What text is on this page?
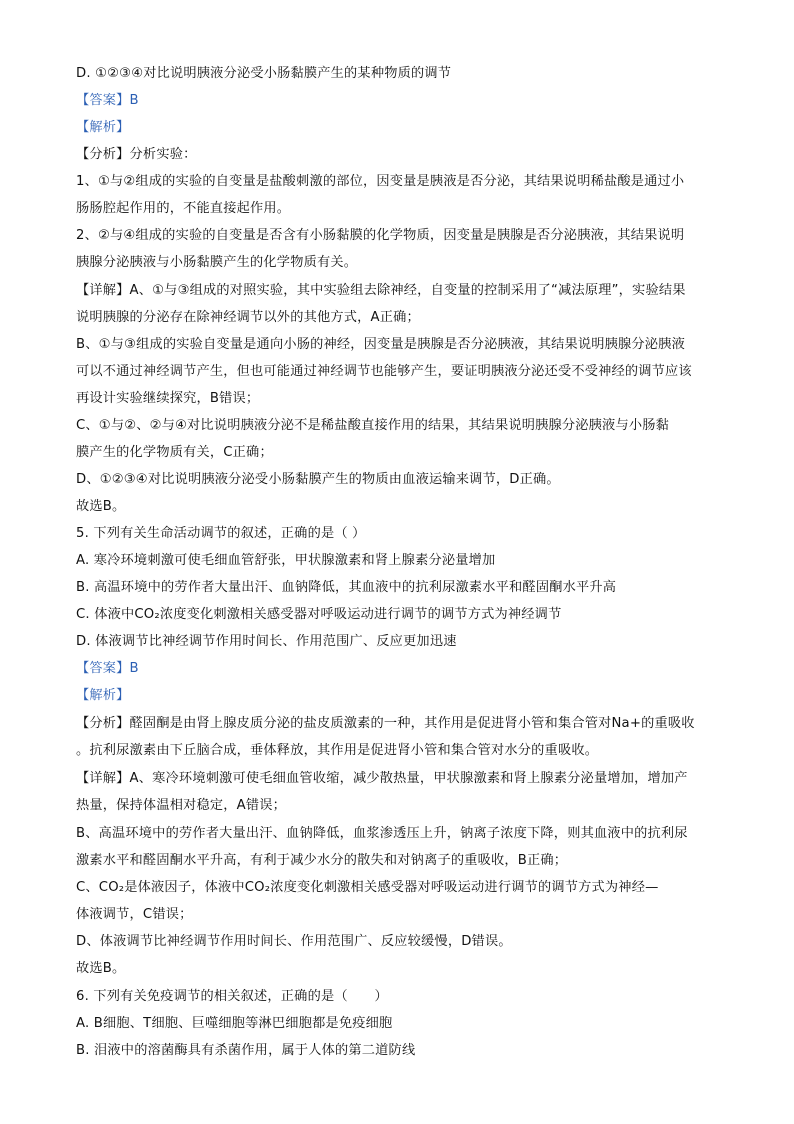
D. ①②③④对比说明胰液分泌受小肠黏膜产生的某种物质的调节
【答案】B
【解析】
【分析】分析实验：
1、①与②组成的实验的自变量是盐酸刺激的部位，因变量是胰液是否分泌，其结果说明稀盐酸是通过小
肠肠腔起作用的，不能直接起作用。
2、②与④组成的实验的自变量是否含有小肠黏膜的化学物质，因变量是胰腺是否分泌胰液，其结果说明
胰腺分泌胰液与小肠黏膜产生的化学物质有关。
【详解】A、①与③组成的对照实验，其中实验组去除神经，自变量的控制采用了“减法原理”，实验结果
说明胰腺的分泌存在除神经调节以外的其他方式，A正确；
B、①与③组成的实验自变量是通向小肠的神经，因变量是胰腺是否分泌胰液，其结果说明胰腺分泌胰液
可以不通过神经调节产生，但也可能通过神经调节也能够产生，要证明胰液分泌还受不受神经的调节应该
再设计实验继续探究，B错误；
C、①与②、②与④对比说明胰液分泌不是稀盐酸直接作用的结果，其结果说明胰腺分泌胰液与小肠黏
膜产生的化学物质有关，C正确；
D、①②③④对比说明胰液分泌受小肠黏膜产生的物质由血液运输来调节，D正确。
故选B。
5. 下列有关生命活动调节的叙述，正确的是（ ）
A. 寒冷环境刺激可使毛细血管舒张，甲状腺激素和肾上腺素分泌量增加
B. 高温环境中的劳作者大量出汗、血钠降低，其血液中的抗利尿激素水平和醛固酮水平升高
C. 体液中CO₂浓度变化刺激相关感受器对呼吸运动进行调节的调节方式为神经调节
D. 体液调节比神经调节作用时间长、作用范围广、反应更加迅速
【答案】B
【解析】
【分析】醛固酮是由肾上腺皮质分泌的盐皮质激素的一种，其作用是促进肾小管和集合管对Na+的重吸收
。抗利尿激素由下丘脑合成，垂体释放，其作用是促进肾小管和集合管对水分的重吸收。
【详解】A、寒冷环境刺激可使毛细血管收缩，减少散热量，甲状腺激素和肾上腺素分泌量增加，增加产
热量，保持体温相对稳定，A错误；
B、高温环境中的劳作者大量出汗、血钠降低，血浆渗透压上升，钠离子浓度下降，则其血液中的抗利尿
激素水平和醛固酮水平升高，有利于减少水分的散失和对钠离子的重吸收，B正确；
C、CO₂是体液因子，体液中CO₂浓度变化刺激相关感受器对呼吸运动进行调节的调节方式为神经—
体液调节，C错误；
D、体液调节比神经调节作用时间长、作用范围广、反应较缓慢，D错误。
故选B。
6. 下列有关免疫调节的相关叙述，正确的是（　　）
A. B细胞、T细胞、巨噬细胞等淋巴细胞都是免疫细胞
B. 泪液中的溶菌酶具有杀菌作用，属于人体的第二道防线
